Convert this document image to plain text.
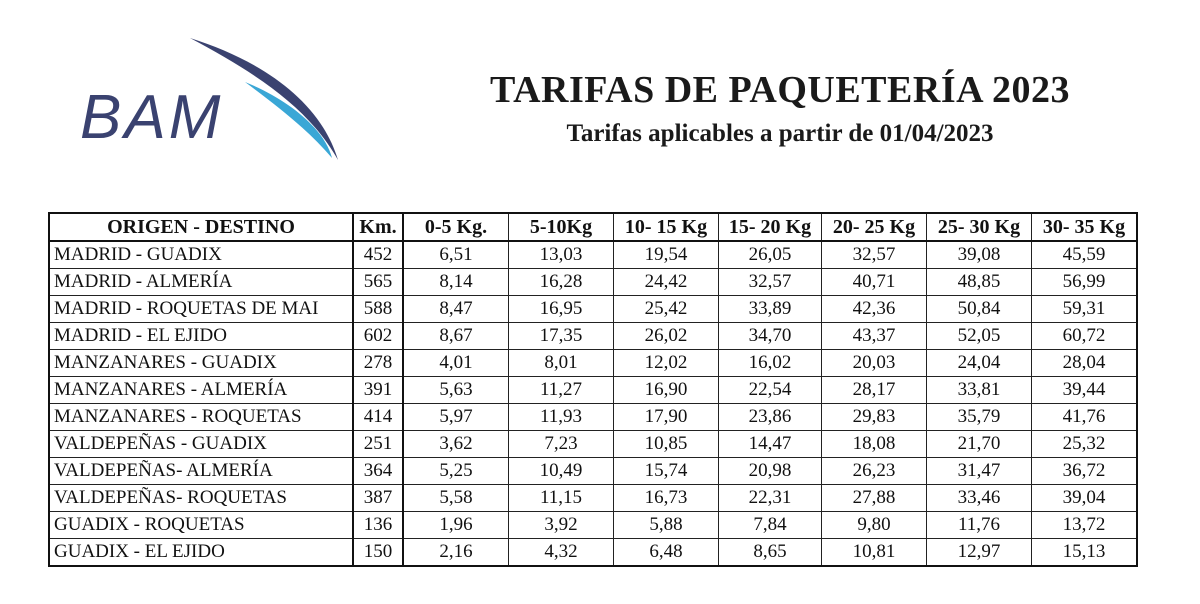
BAM	TARIFAS DE PAQUETERÍA 2023
Tarifas aplicables a partir de 01/04/2023
ORIGEN - DESTINO	Km.	0-5 Kg.	5-10Kg	10- 15 Kg	15- 20 Kg	20- 25 Kg	25- 30 Kg	30- 35 Kg
MADRID - GUADIX	452	6,51	13,03	19,54	26,05	32,57	39,08	45,59
MADRID - ALMERÍA	565	8,14	16,28	24,42	32,57	40,71	48,85	56,99
MADRID - ROQUETAS DE MAI	588	8,47	16,95	25,42	33,89	42,36	50,84	59,31
MADRID - EL EJIDO	602	8,67	17,35	26,02	34,70	43,37	52,05	60,72
MANZANARES - GUADIX	278	4,01	8,01	12,02	16,02	20,03	24,04	28,04
MANZANARES - ALMERÍA	391	5,63	11,27	16,90	22,54	28,17	33,81	39,44
MANZANARES - ROQUETAS	414	5,97	11,93	17,90	23,86	29,83	35,79	41,76
VALDEPEÑAS - GUADIX	251	3,62	7,23	10,85	14,47	18,08	21,70	25,32
VALDEPEÑAS- ALMERÍA	364	5,25	10,49	15,74	20,98	26,23	31,47	36,72
VALDEPEÑAS- ROQUETAS	387	5,58	11,15	16,73	22,31	27,88	33,46	39,04
GUADIX - ROQUETAS	136	1,96	3,92	5,88	7,84	9,80	11,76	13,72
GUADIX - EL EJIDO	150	2,16	4,32	6,48	8,65	10,81	12,97	15,13
